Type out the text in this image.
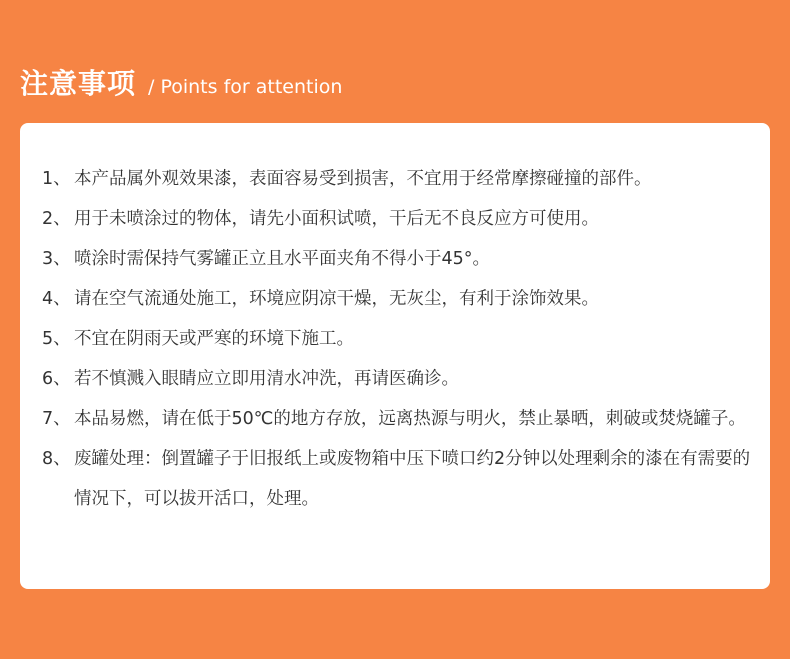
注意事项 / Points for attention
1、 本产品属外观效果漆，表面容易受到损害，不宜用于经常摩擦碰撞的部件。
2、 用于未喷涂过的物体，请先小面积试喷，干后无不良反应方可使用。
3、 喷涂时需保持气雾罐正立且水平面夹角不得小于45°。
4、 请在空气流通处施工，环境应阴凉干燥，无灰尘，有利于涂饰效果。
5、 不宜在阴雨天或严寒的环境下施工。
6、 若不慎溅入眼睛应立即用清水冲洗，再请医确诊。
7、 本品易燃，请在低于50℃的地方存放，远离热源与明火，禁止暴晒，刺破或焚烧罐子。
8、 废罐处理：倒置罐子于旧报纸上或废物箱中压下喷口约2分钟以处理剩余的漆在有需要的情况下，可以拔开活口，处理。
